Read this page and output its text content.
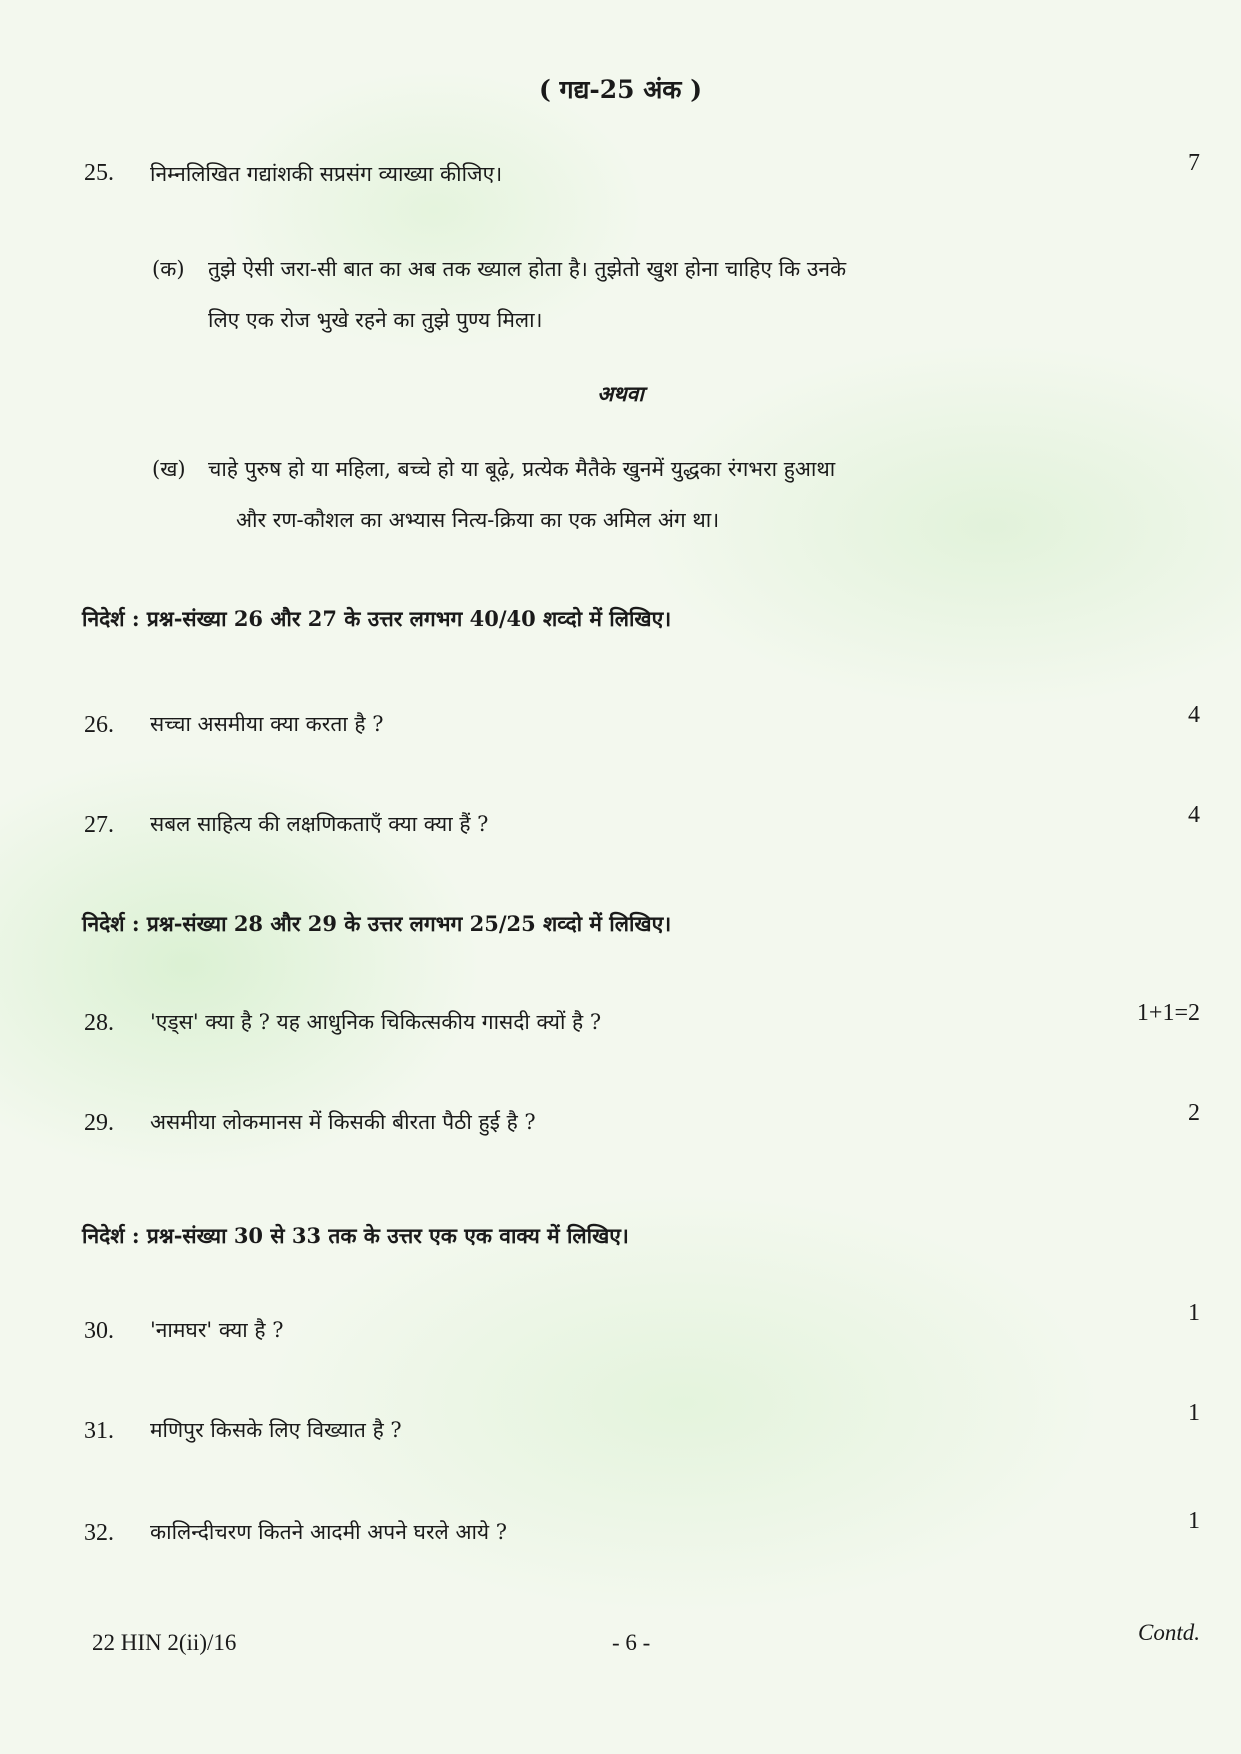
( गद्य-25 अंक )
25. निम्नलिखित गद्यांशकी सप्रसंग व्याख्या कीजिए।	7
(क) तुझे ऐसी जरा-सी बात का अब तक ख्याल होता है। तुझेतो खुश होना चाहिए कि उनके
लिए एक रोज भुखे रहने का तुझे पुण्य मिला।
अथवा
(ख) चाहे पुरुष हो या महिला, बच्चे हो या बूढ़े, प्रत्येक मैतैके खुनमें युद्धका रंगभरा हुआथा
और रण-कौशल का अभ्यास नित्य-क्रिया का एक अमिल अंग था।
निदेर्श : प्रश्न-संख्या 26 और 27 के उत्तर लगभग 40/40 शव्दो में लिखिए।
26. सच्चा असमीया क्या करता है ?	4
27. सबल साहित्य की लक्षणिकताएँ क्या क्या हैं ?	4
निदेर्श : प्रश्न-संख्या 28 और 29 के उत्तर लगभग 25/25 शव्दो में लिखिए।
28. 'एड्स' क्या है ? यह आधुनिक चिकित्सकीय गासदी क्यों है ?	1+1=2
29. असमीया लोकमानस में किसकी बीरता पैठी हुई है ?	2
निदेर्श : प्रश्न-संख्या 30 से 33 तक के उत्तर एक एक वाक्य में लिखिए।
30. 'नामघर' क्या है ?
1
31. मणिपुर किसके लिए विख्यात है ?
1
32. कालिन्दीचरण कितने आदमी अपने घरले आये ?	1
22 HIN 2(ii)/16	- 6 -	Contd.
